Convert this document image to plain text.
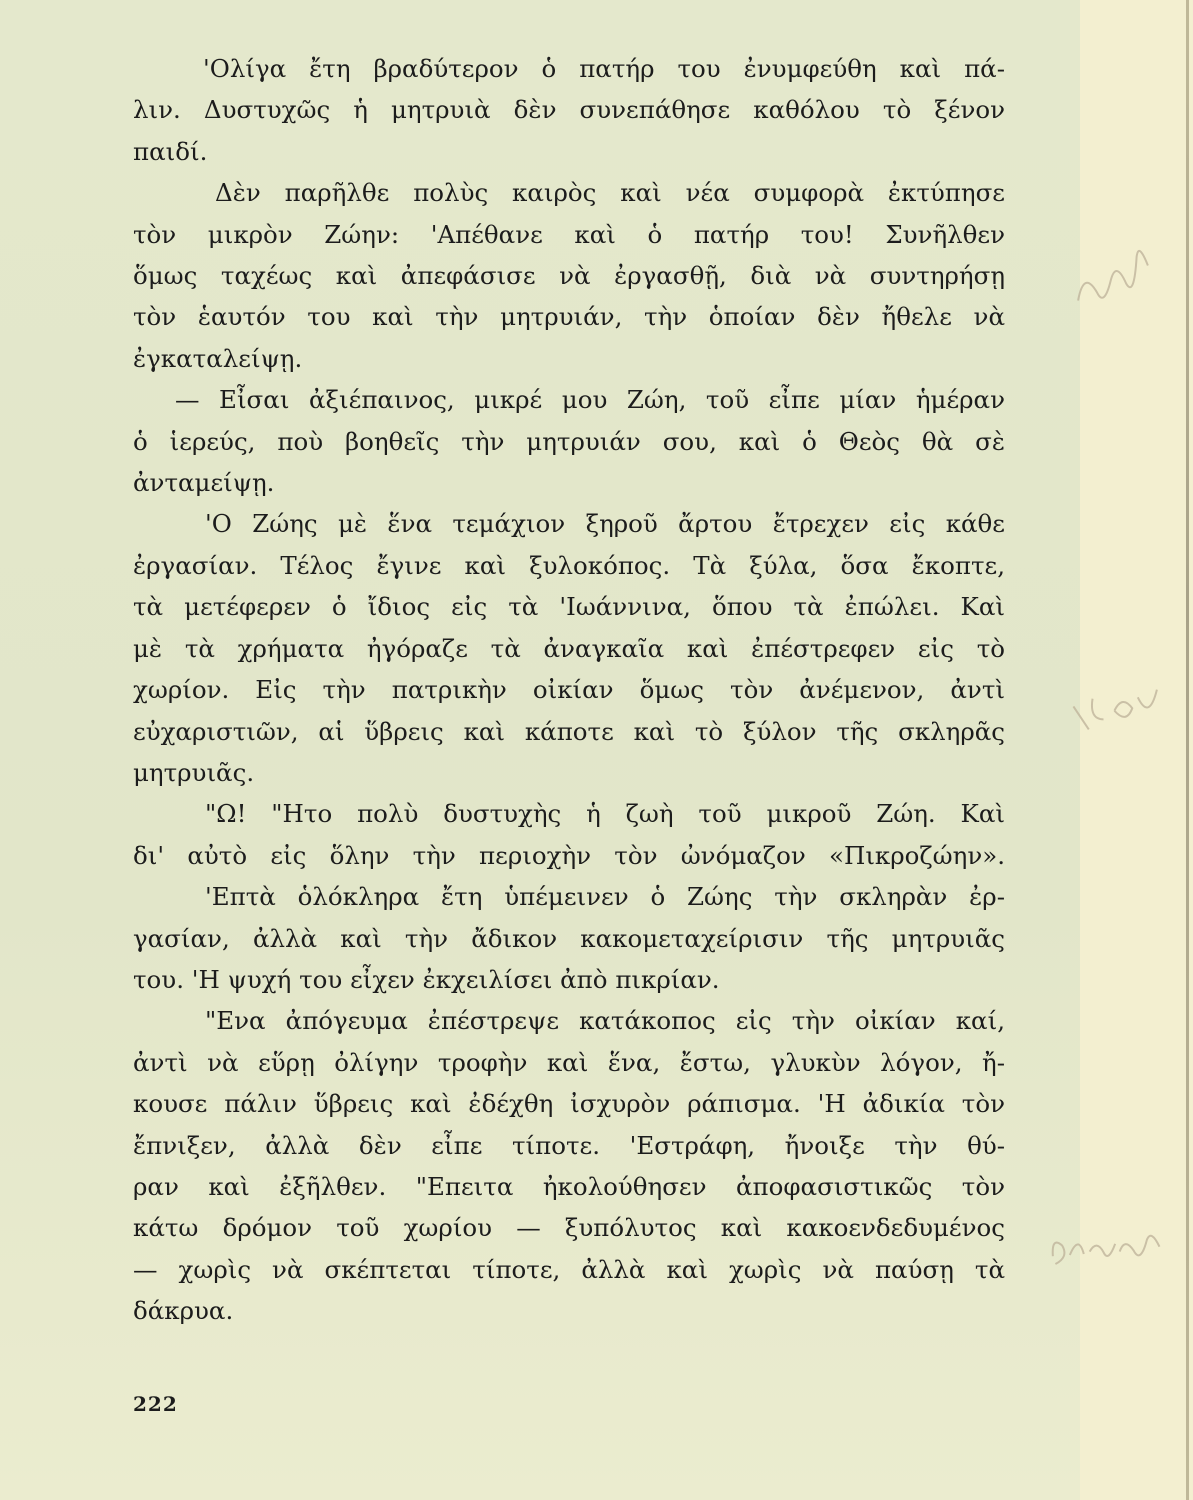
'Ολίγα ἔτη βραδύτερον ὁ πατήρ του ἐνυμφεύθη καὶ πά-
λιν. Δυστυχῶς ἡ μητρυιὰ δὲν συνεπάθησε καθόλου τὸ ξένον
παιδί.
Δὲν παρῆλθε πολὺς καιρὸς καὶ νέα συμφορὰ ἐκτύπησε
τὸν μικρὸν Ζώην: 'Απέθανε καὶ ὁ πατήρ του! Συνῆλθεν
ὅμως ταχέως καὶ ἀπεφάσισε νὰ ἐργασθῇ, διὰ νὰ συντηρήσῃ
τὸν ἑαυτόν του καὶ τὴν μητρυιάν, τὴν ὁποίαν δὲν ἤθελε νὰ
ἐγκαταλείψῃ.
— Εἶσαι ἀξιέπαινος, μικρέ μου Ζώη, τοῦ εἶπε μίαν ἡμέραν
ὁ ἱερεύς, ποὺ βοηθεῖς τὴν μητρυιάν σου, καὶ ὁ Θεὸς θὰ σὲ
ἀνταμείψῃ.
'Ο Ζώης μὲ ἕνα τεμάχιον ξηροῦ ἄρτου ἔτρεχεν εἰς κάθε
ἐργασίαν. Τέλος ἔγινε καὶ ξυλοκόπος. Τὰ ξύλα, ὅσα ἔκοπτε,
τὰ μετέφερεν ὁ ἴδιος εἰς τὰ 'Ιωάννινα, ὅπου τὰ ἐπώλει. Καὶ
μὲ τὰ χρήματα ἠγόραζε τὰ ἀναγκαῖα καὶ ἐπέστρεφεν εἰς τὸ
χωρίον. Εἰς τὴν πατρικὴν οἰκίαν ὅμως τὸν ἀνέμενον, ἀντὶ
εὐχαριστιῶν, αἱ ὕβρεις καὶ κάποτε καὶ τὸ ξύλον τῆς σκληρᾶς
μητρυιᾶς.
"Ω! "Ητο πολὺ δυστυχὴς ἡ ζωὴ τοῦ μικροῦ Ζώη. Καὶ
δι' αὐτὸ εἰς ὅλην τὴν περιοχὴν τὸν ὠνόμαζον «Πικροζώην».
'Επτὰ ὁλόκληρα ἔτη ὑπέμεινεν ὁ Ζώης τὴν σκληρὰν ἐρ-
γασίαν, ἀλλὰ καὶ τὴν ἄδικον κακομεταχείρισιν τῆς μητρυιᾶς
του. 'Η ψυχή του εἶχεν ἐκχειλίσει ἀπὸ πικρίαν.
"Ενα ἀπόγευμα ἐπέστρεψε κατάκοπος εἰς τὴν οἰκίαν καί,
ἀντὶ νὰ εὕρῃ ὀλίγην τροφὴν καὶ ἕνα, ἔστω, γλυκὺν λόγον, ἤ-
κουσε πάλιν ὕβρεις καὶ ἐδέχθη ἰσχυρὸν ράπισμα. 'Η ἀδικία τὸν
ἔπνιξεν, ἀλλὰ δὲν εἶπε τίποτε. 'Εστράφη, ἤνοιξε τὴν θύ-
ραν καὶ ἐξῆλθεν. "Επειτα ἠκολούθησεν ἀποφασιστικῶς τὸν
κάτω δρόμον τοῦ χωρίου — ξυπόλυτος καὶ κακοενδεδυμένος
— χωρὶς νὰ σκέπτεται τίποτε, ἀλλὰ καὶ χωρὶς νὰ παύσῃ τὰ
δάκρυα.
222
